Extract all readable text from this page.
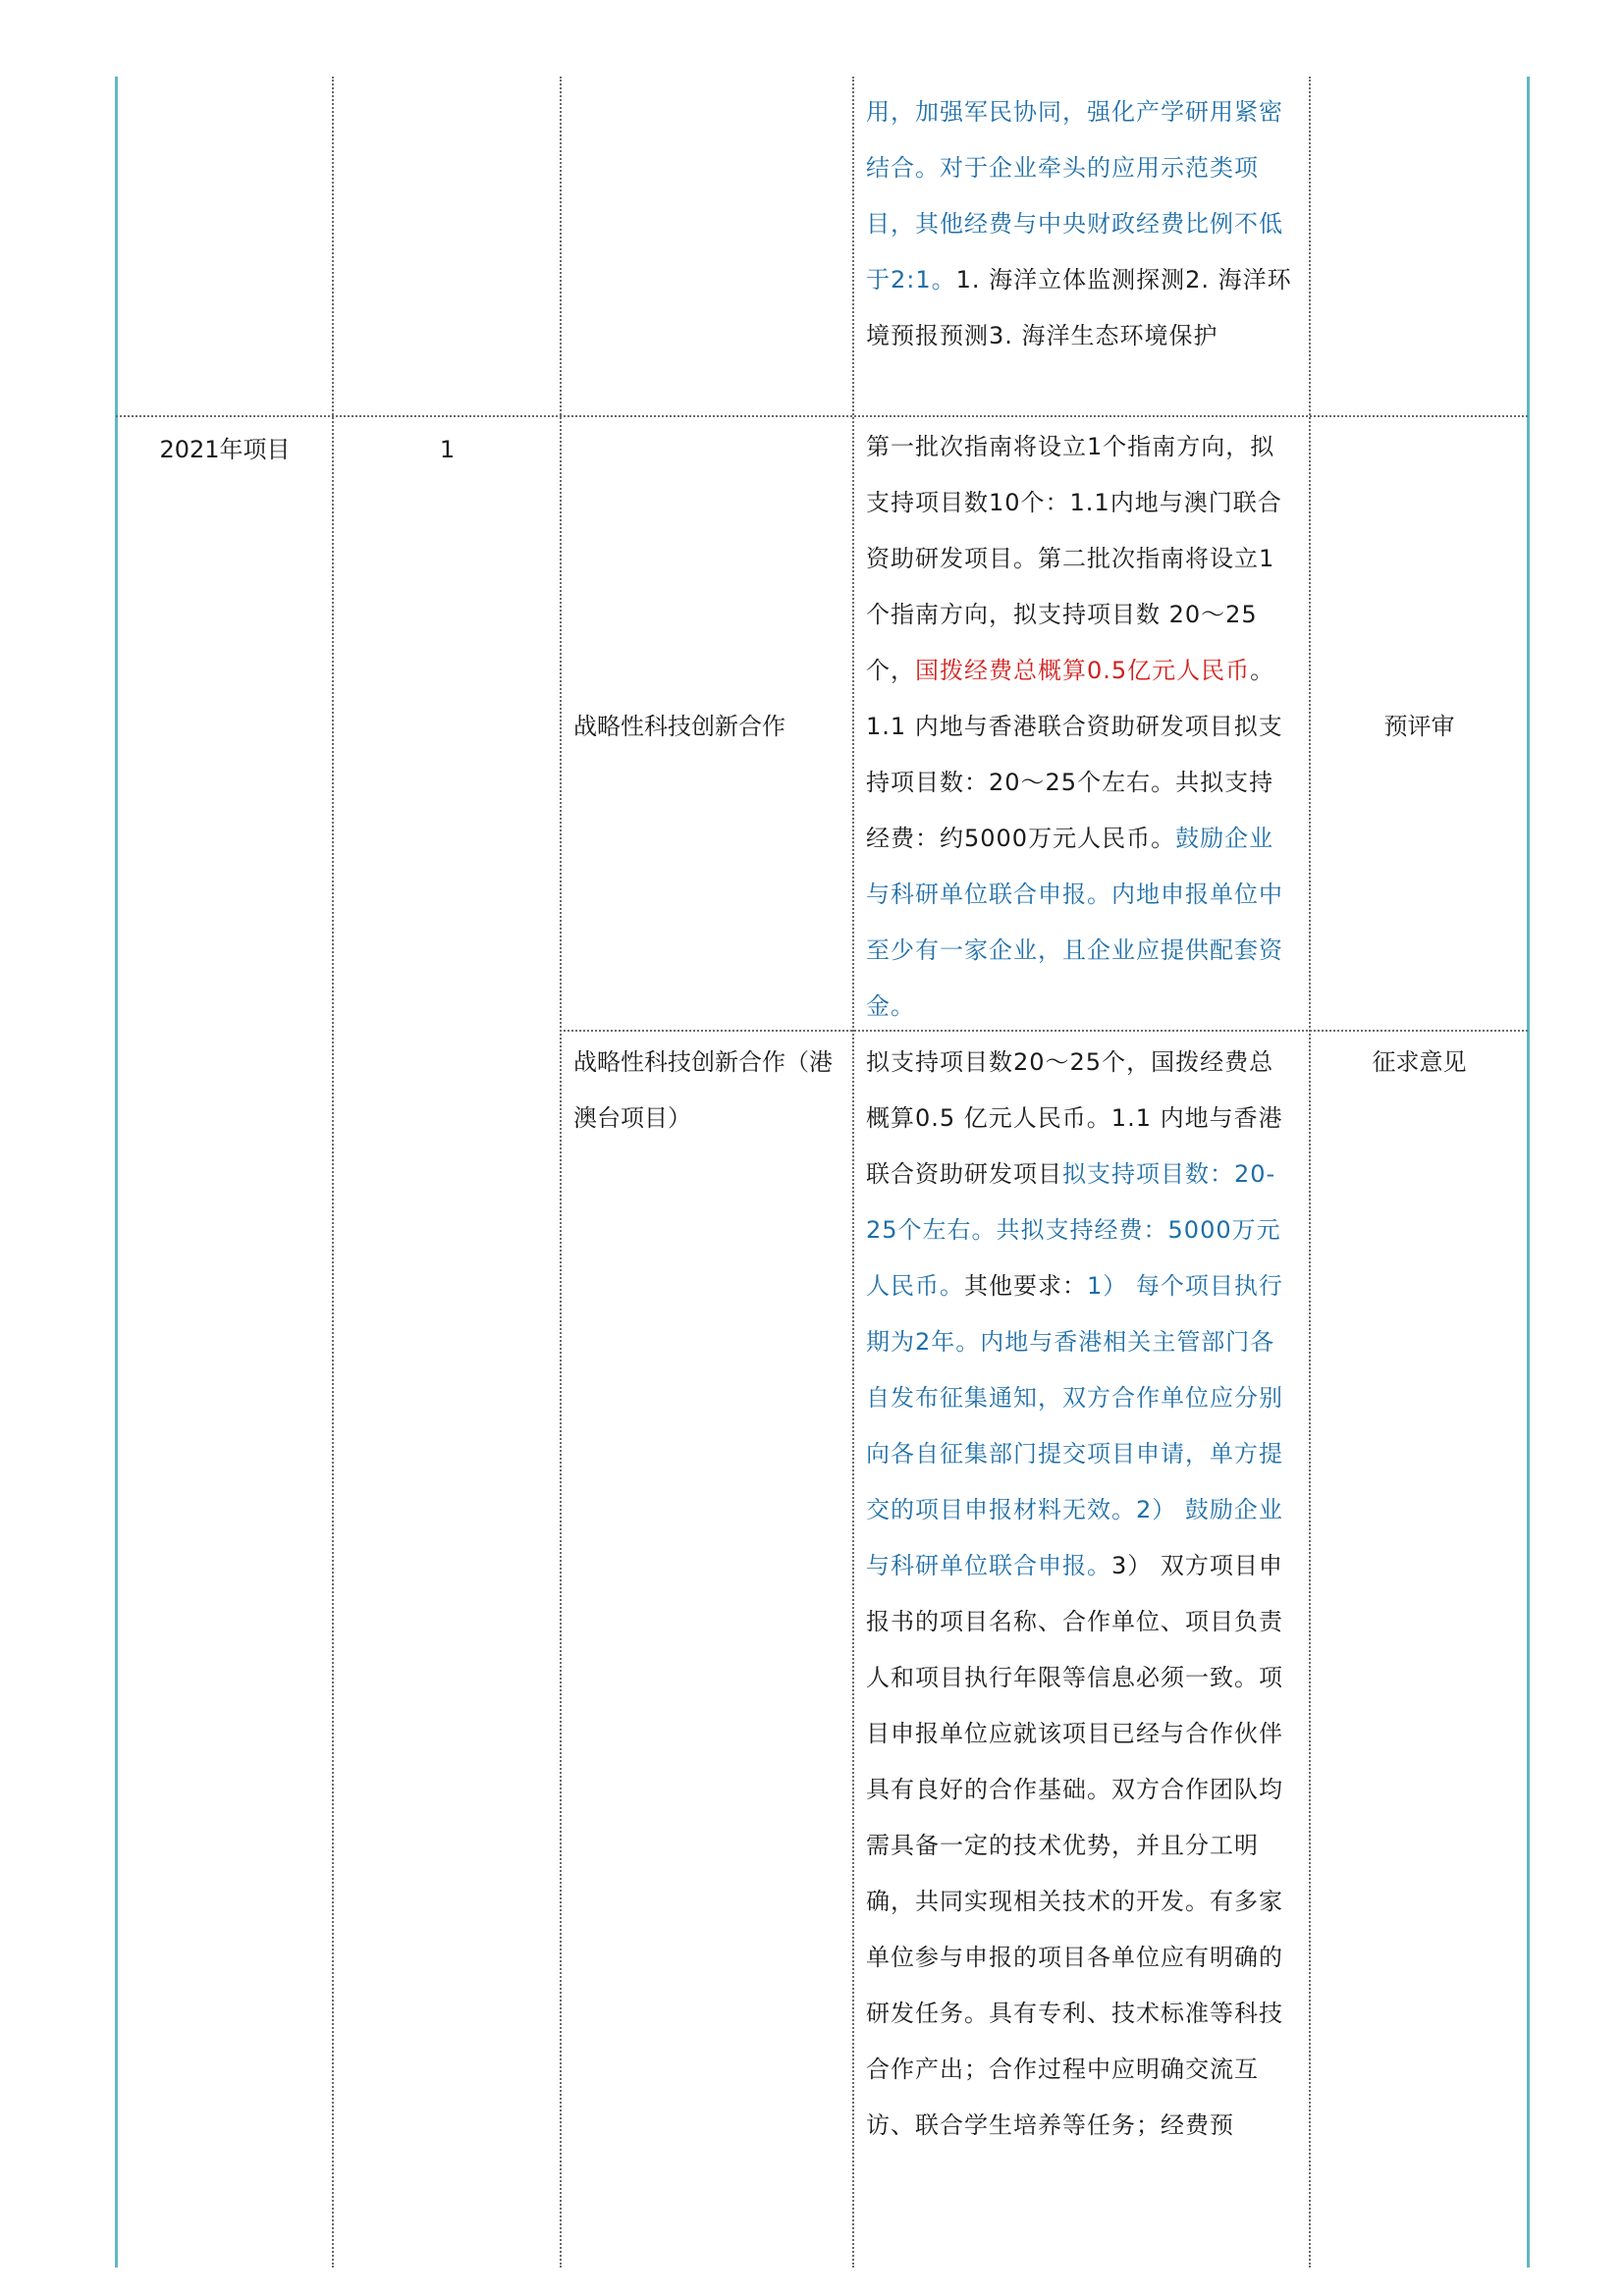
用，加强军民协同，强化产学研用紧密结合。对于企业牵头的应用示范类项目，其他经费与中央财政经费比例不低于2:1。1. 海洋立体监测探测2. 海洋环境预报预测3. 海洋生态环境保护
2021年项目	1
战略性科技创新合作
第一批次指南将设立1个指南方向，拟支持项目数10个：1.1内地与澳门联合资助研发项目。第二批次指南将设立1个指南方向，拟支持项目数 20～25 个，国拨经费总概算0.5亿元人民币。1.1 内地与香港联合资助研发项目拟支持项目数：20～25个左右。共拟支持经费：约5000万元人民币。鼓励企业与科研单位联合申报。内地申报单位中至少有一家企业，且企业应提供配套资金。
预评审
战略性科技创新合作（港澳台项目）
拟支持项目数20～25个，国拨经费总概算0.5 亿元人民币。1.1 内地与香港联合资助研发项目拟支持项目数：20-25个左右。共拟支持经费：5000万元人民币。其他要求：1） 每个项目执行期为2年。内地与香港相关主管部门各自发布征集通知，双方合作单位应分别向各自征集部门提交项目申请，单方提交的项目申报材料无效。2） 鼓励企业与科研单位联合申报。3） 双方项目申报书的项目名称、合作单位、项目负责人和项目执行年限等信息必须一致。项目申报单位应就该项目已经与合作伙伴具有良好的合作基础。双方合作团队均需具备一定的技术优势，并且分工明确，共同实现相关技术的开发。有多家单位参与申报的项目各单位应有明确的研发任务。具有专利、技术标准等科技合作产出；合作过程中应明确交流互访、联合学生培养等任务；经费预
征求意见
